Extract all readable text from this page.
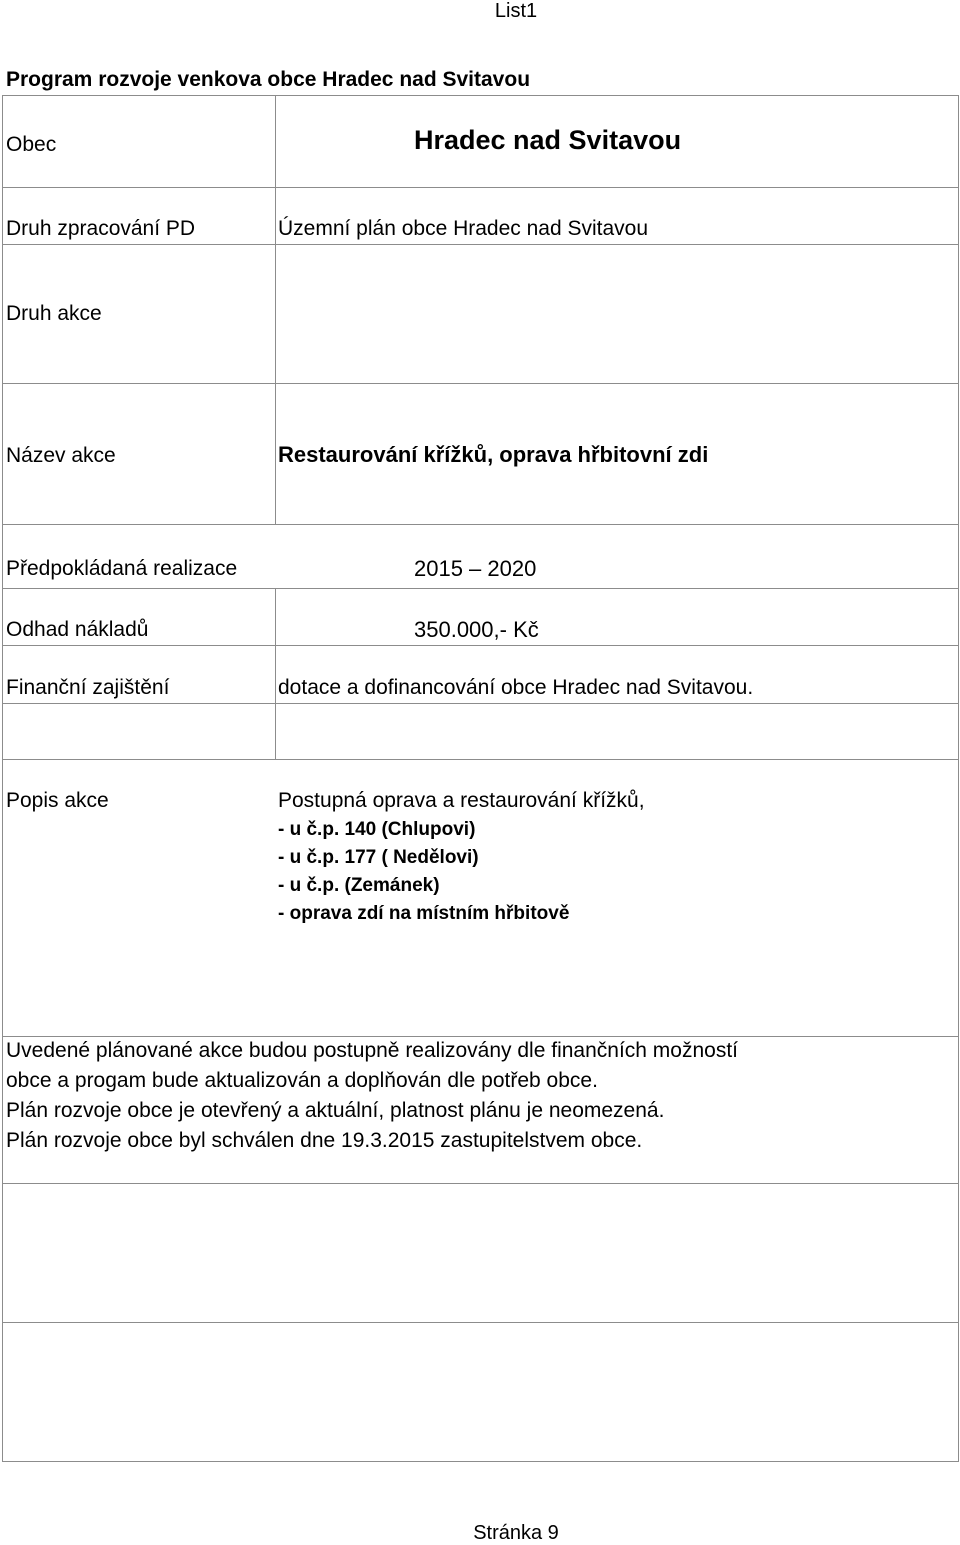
List1
Program rozvoje venkova obce Hradec nad Svitavou
Obec	Hradec nad Svitavou
Druh zpracování PD	Územní plán obce Hradec nad Svitavou
Druh akce
Název akce	Restaurování křížků, oprava hřbitovní zdi
Předpokládaná realizace	2015 – 2020
Odhad nákladů	350.000,- Kč
Finanční zajištění	dotace a dofinancování obce Hradec nad Svitavou.
Popis akce	Postupná oprava a restaurování křížků,
- u č.p. 140 (Chlupovi)
- u č.p. 177 ( Nedělovi)
- u č.p. (Zemánek)
- oprava zdí na místním hřbitově
Uvedené plánované akce budou postupně realizovány dle finančních možností
obce a progam bude aktualizován a doplňován dle potřeb obce.
Plán rozvoje obce je otevřený a aktuální, platnost plánu je neomezená.
Plán rozvoje obce byl schválen dne 19.3.2015 zastupitelstvem obce.
Stránka 9
